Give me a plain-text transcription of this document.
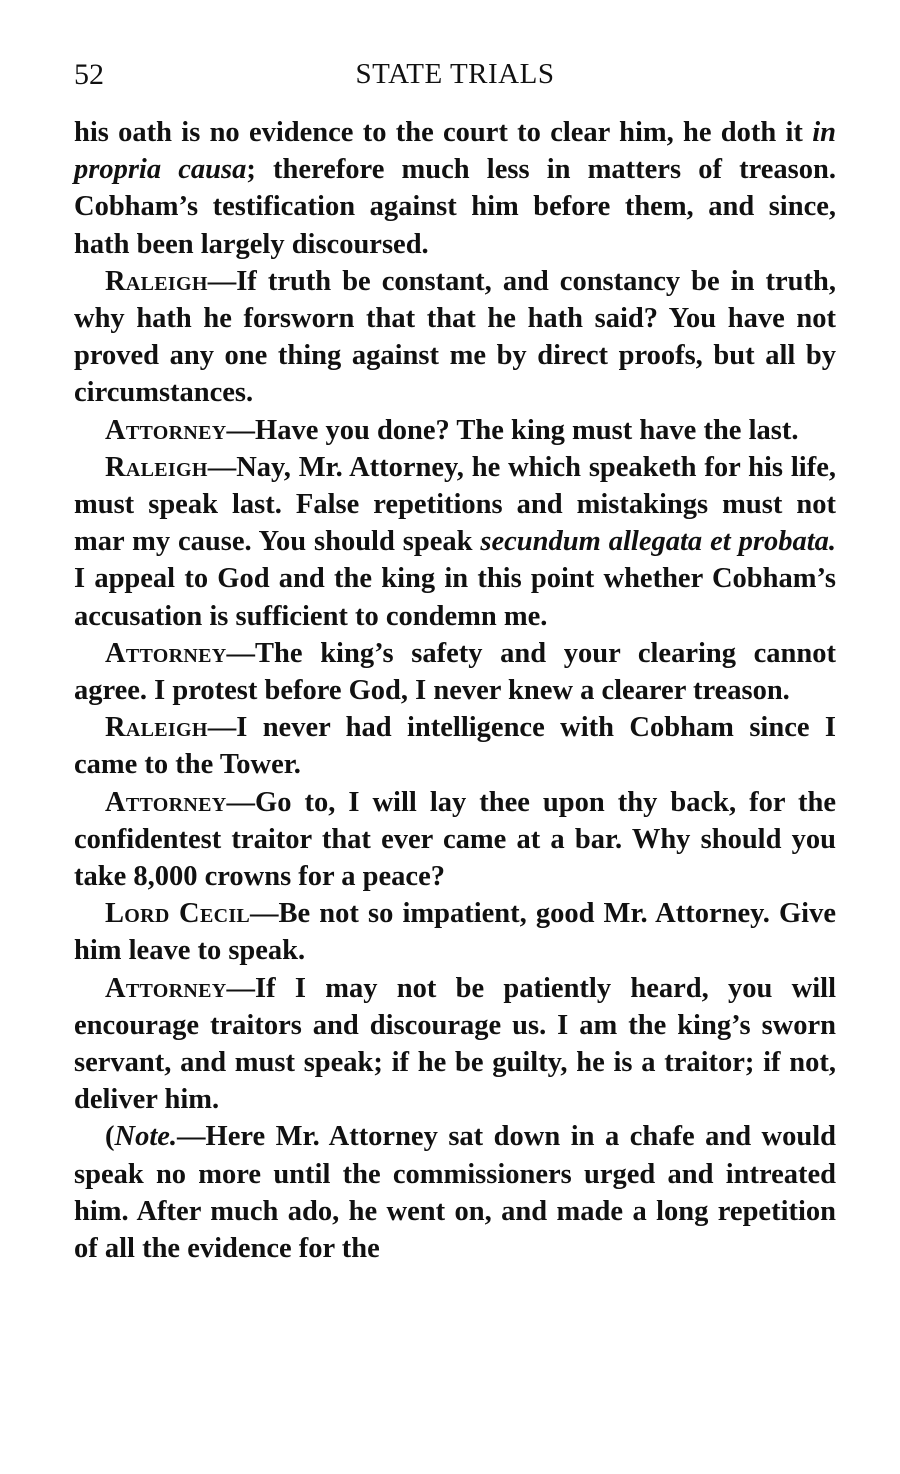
52	STATE TRIALS

his oath is no evidence to the court to clear him, he doth it in propria causa; therefore much less in matters of treason. Cobham’s testification against him before them, and since, hath been largely discoursed.

Raleigh—If truth be constant, and constancy be in truth, why hath he forsworn that that he hath said? You have not proved any one thing against me by direct proofs, but all by circumstances.

Attorney—Have you done? The king must have the last.

Raleigh—Nay, Mr. Attorney, he which speaketh for his life, must speak last. False repetitions and mistakings must not mar my cause. You should speak secundum allegata et probata. I appeal to God and the king in this point whether Cobham’s accusation is sufficient to condemn me.

Attorney—The king’s safety and your clearing cannot agree. I protest before God, I never knew a clearer treason.

Raleigh—I never had intelligence with Cobham since I came to the Tower.

Attorney—Go to, I will lay thee upon thy back, for the confidentest traitor that ever came at a bar. Why should you take 8,000 crowns for a peace?

Lord Cecil—Be not so impatient, good Mr. Attorney. Give him leave to speak.

Attorney—If I may not be patiently heard, you will encourage traitors and discourage us. I am the king’s sworn servant, and must speak; if he be guilty, he is a traitor; if not, deliver him.

(Note.—Here Mr. Attorney sat down in a chafe and would speak no more until the commissioners urged and intreated him. After much ado, he went on, and made a long repetition of all the evidence for the
